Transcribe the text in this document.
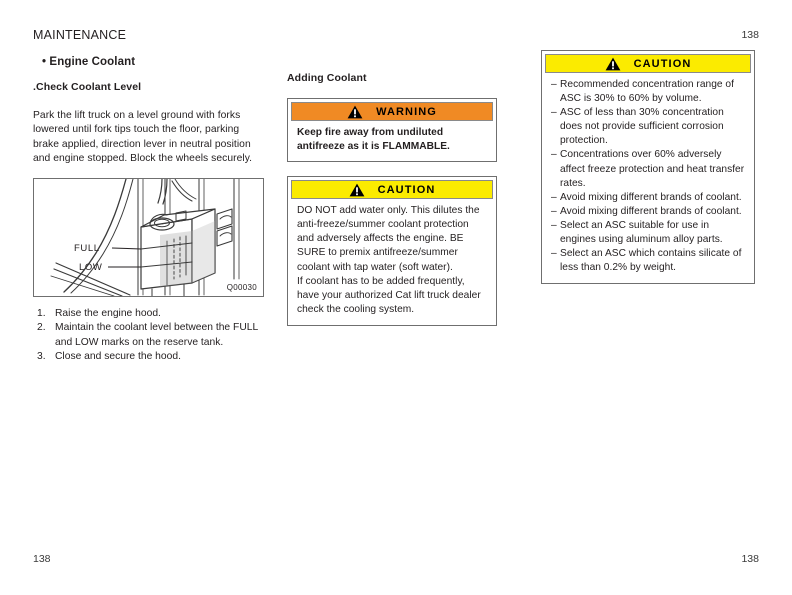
MAINTENANCE	138
• Engine Coolant
.Check Coolant Level
Park the lift truck on a level ground with forks lowered until fork tips touch the floor, parking brake applied, direction lever in neutral position and engine stopped. Block the wheels securely.
FULL
LOW
Q00030
1. Raise the engine hood.
2. Maintain the coolant level between the FULL and LOW marks on the reserve tank.
3. Close and secure the hood.
Adding Coolant
WARNING

Keep fire away from undiluted antifreeze as it is FLAMMABLE.

CAUTION

DO NOT add water only. This dilutes the anti-freeze/summer coolant protection and adversely affects the engine. BE SURE to premix antifreeze/summer coolant with tap water (soft water).

If coolant has to be added frequently, have your authorized Cat lift truck dealer check the cooling system.

CAUTION
– Recommended concentration range of ASC is 30% to 60% by volume.
– ASC of less than 30% concentration does not provide sufficient corrosion protection.
– Concentrations over 60% adversely affect freeze protection and heat transfer rates.
– Avoid mixing different brands of coolant.
– Avoid mixing different brands of coolant.
– Select an ASC suitable for use in engines using aluminum alloy parts.
– Select an ASC which contains silicate of less than 0.2% by weight.
138	138
